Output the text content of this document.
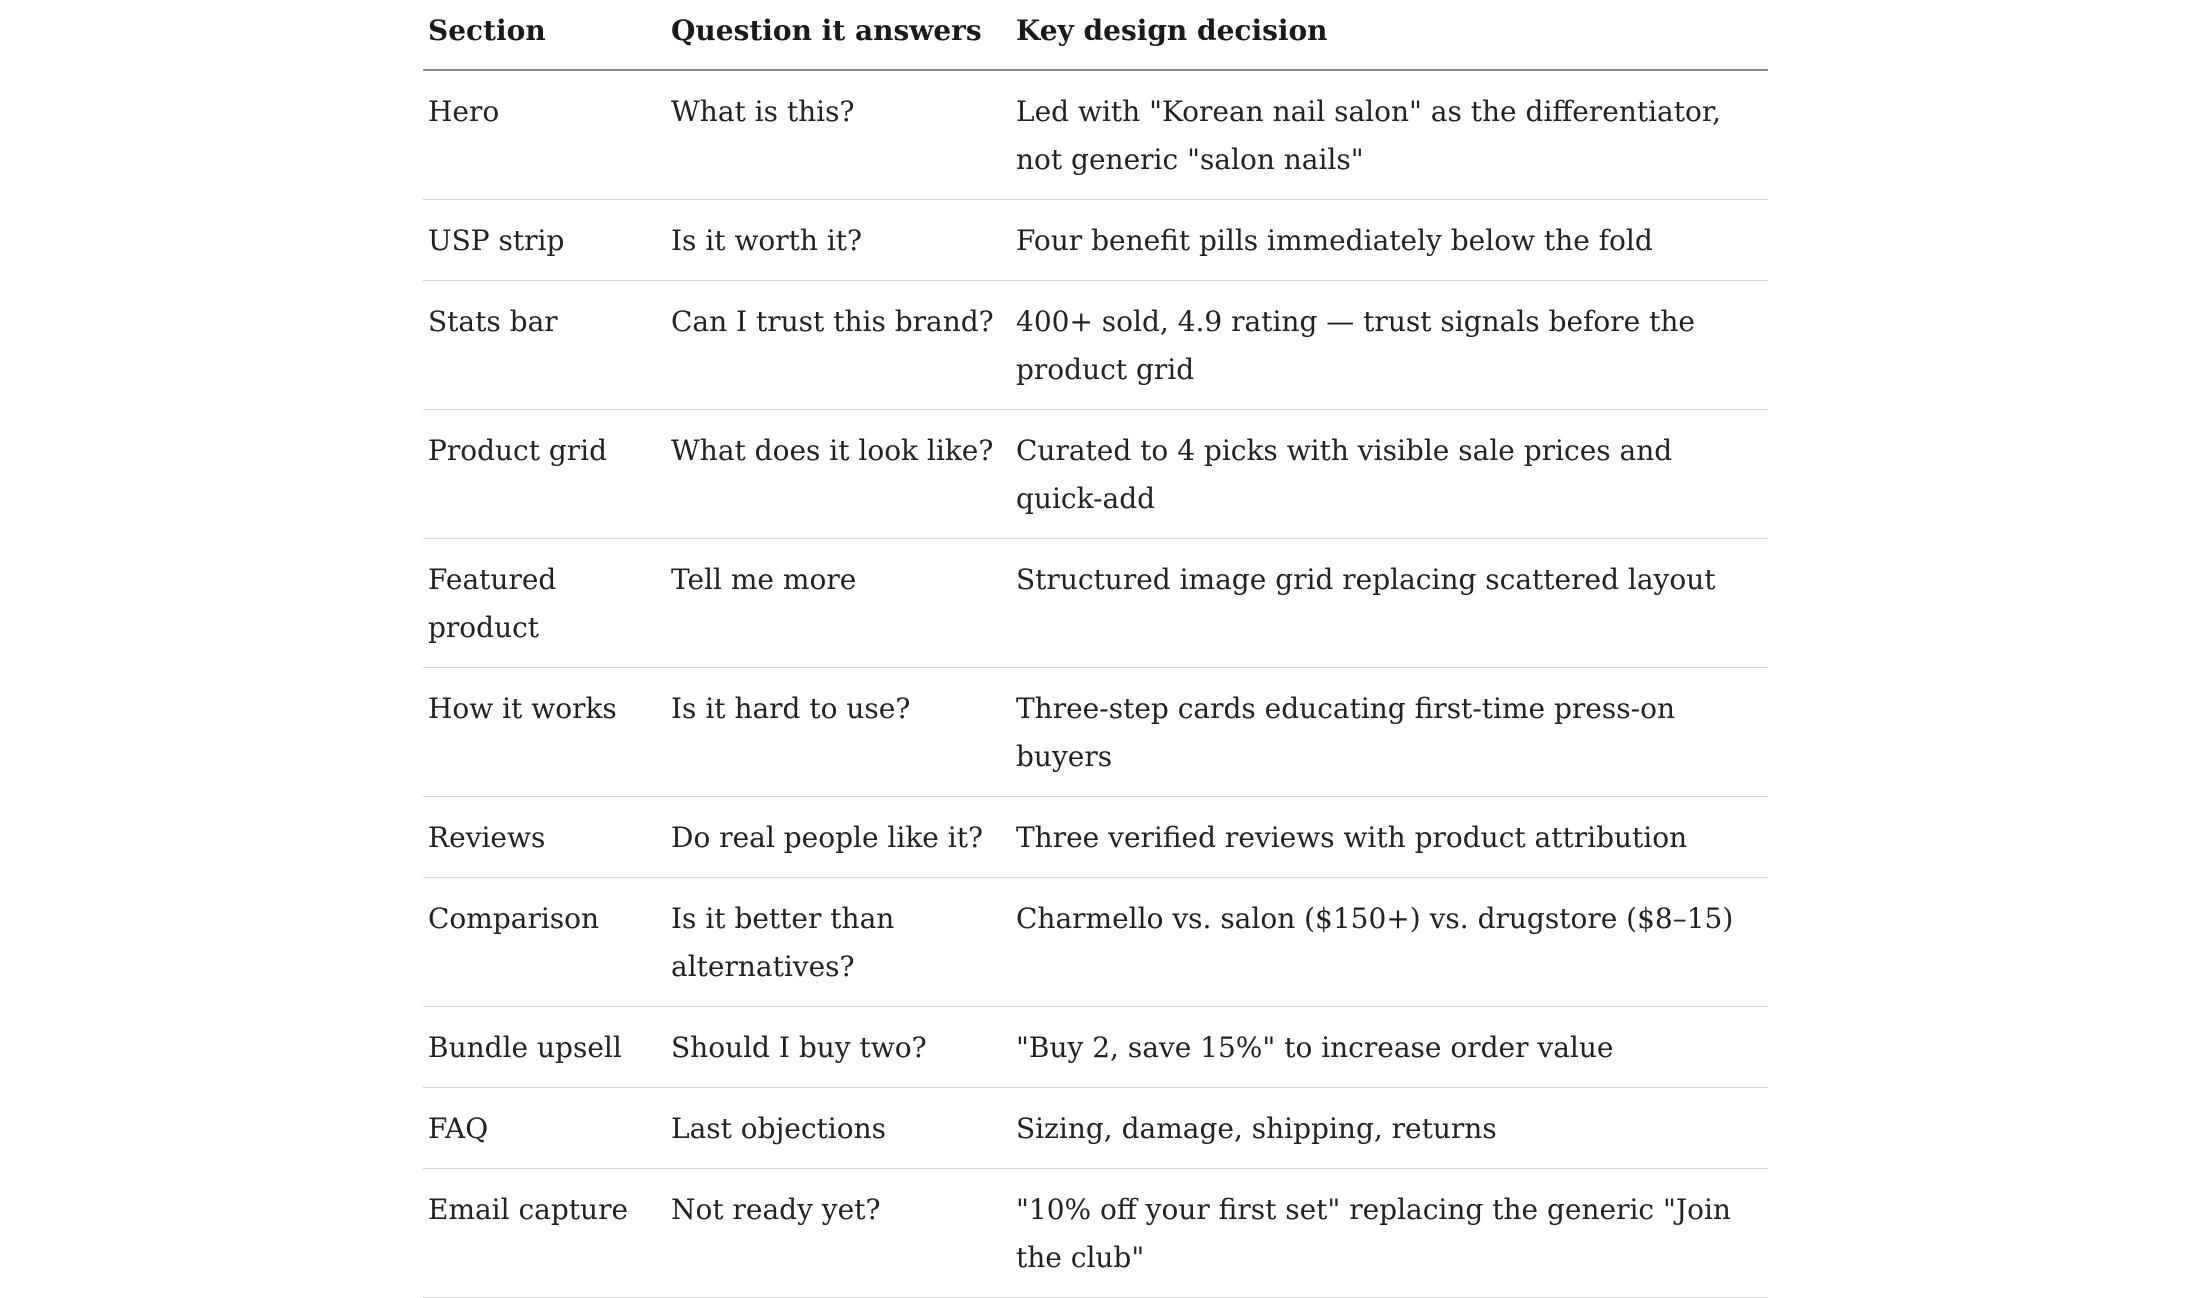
Section	Question it answers	Key design decision
Hero	What is this?	Led with "Korean nail salon" as the differentiator, not generic "salon nails"
USP strip	Is it worth it?	Four benefit pills immediately below the fold
Stats bar	Can I trust this brand?	400+ sold, 4.9 rating — trust signals before the product grid
Product grid	What does it look like?	Curated to 4 picks with visible sale prices and quick-add
Featured product	Tell me more	Structured image grid replacing scattered layout
How it works	Is it hard to use?	Three-step cards educating first-time press-on buyers
Reviews	Do real people like it?	Three verified reviews with product attribution
Comparison	Is it better than alternatives?	Charmello vs. salon ($150+) vs. drugstore ($8–15)
Bundle upsell	Should I buy two?	"Buy 2, save 15%" to increase order value
FAQ	Last objections	Sizing, damage, shipping, returns
Email capture	Not ready yet?	"10% off your first set" replacing the generic "Join the club"
